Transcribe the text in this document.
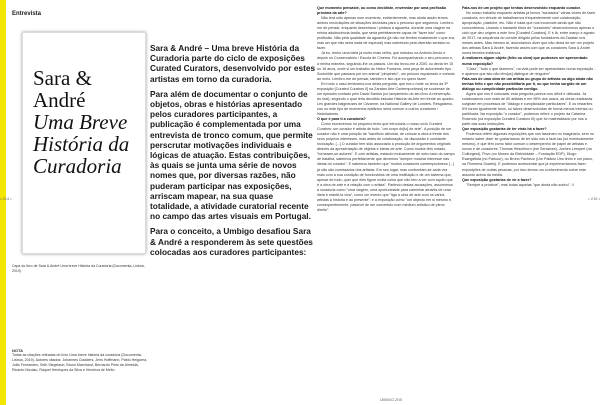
Entrevista
• 214 •	• 215 •
Sara &
André
Uma Breve
História da
Curadoria
Capa do livro de Sara & André Uma breve História da Curadoria (Documenta, Lisboa, 2019)
NOTA
Todas as citações retiradas do livro Uma breve história da curadoria (Documenta, Lisboa, 2019). Autores citados: Johannes Cladders, Jens Hoffmann, Pablo Helguera, João Fernandes, Seth Siegelaub, Bruno Marchand, Bernardo Pinto de Almeida, Ricardo Nicolau, Raquel Henriques da Silva e Verónica de Mello.

Sara & André – Uma breve História da Curadoria parte do ciclo de exposições Curated Curators, desenvolvido por estes artistas em torno da curadoria.

Para além de documentar o conjunto de objetos, obras e histórias apresentado pelos curadores participantes, a publicação é complementada por uma entrevista de tronco comum, que permite perscrutar motivações individuais e lógicas de atuação. Estas contribuições, às quais se junta uma série de novos nomes que, por diversas razões, não puderam participar nas exposições, arriscam mapear, na sua quase totalidade, a atividade curatorial recente no campo das artes visuais em Portugal.

Para o conceito, a Umbigo desafiou Sara & André a responderem às sete questões colocadas aos curadores participantes:

Que momento pensaste, ou como decidiste, enveredar por uma profissão próxima da arte?

Não terá sido apenas num momento, evidentemente, mas ainda assim temos ambos recordações de situações decisivas para o percurso que seguimos. Lembro-me de pensar, enquanto desenhava / pintava a aguarela, durante uma viagem na minha adolescência tardia, que seria perfeitamente capaz de "fazer isto" como profissão. Não pela qualidade da aguarela (já não me lembro exatamente o que era, mas sei que não seria nada de especial) mas sobretudo pela diversão sentida no fazer.

Já eu, tenho uma ideia já muito mais velha, que estudou na António Arroio e depois no Conservatório / Escola de Cinema. Fui acompanhando o seu percurso e, a minha maneira, seguindo-lhe os passos. Um dia levou-me à ZDB, ou devia ter 15 ou 16 anos, onde vi um trabalho do Heitor Fonseca, uma peça de autorretrato tipo Scotchlite que passava por um animal "pimpinelo", um pelouro espalmado e cortado ao meio. Lembro-me de pensar, também é isto que eu quero fazer!

Em todo o caso lembramo-nos desta pergunta, que era o mote ou tema da 3ª exposição [Curated Curators II] na Zaratan Arte Contemporânea] se soubesse de um episódio contado pelo David Santos (no lançamento do seu livro A reinvenção do real), segundo o qual teria decidido estudar História da Arte em frente ao quadro Les grandes baigneuses de Cézanne, na National Gallery de Londres. Resgatámo-nos no este tipo de momentos epifânico seria comum a outros curadores / historiadores.

O que é para ti a curadoria?

Como escrevemos no pequeno texto que introduzia o nosso ciclo Curated Curators: um curador é artista de tudo: "um corpo do[to] de arte". A posição de um curador não é uma posição de "sacrifício altruísta, de colocar a obra à frente dos seus próprios interesses, mas antes de colaboração, de discussão e constante invocação. [...] O curador tem sido associado à produção de argumentos originais através da apresentação de objetos e ideias de arte. Como muitos têm notado, "tornaram-se autores". E com artistas, estando mutuamente de outro lado do campo de batalha, sabemos perfeitamente que devemos "sempre mostrar interesse nas ideias do curador". E sabemos também que "muitos curadores contemporâneos [...] já não são comissários dos artistas. Em seu lugar, mas confrontam-se cada vez mais com a sua condição de funcionários de uma instituição e de um sistema que, apesar de tudo, quer que eles figure muita coisa que não tem a ver com aquilo que é a obra de arte e a relação com o artista". Partindo destas acusações, assumimos a curadoria como "uma viagem, uma oportunidade para caminhar através de uma ideia e mantê-la viva", como um evento que "liga a obra de arte com os vários artistas à história e ao presente"; e a exposição como "um objecto em si mesmo e, consequentemente, passível de ser convertido num médium artístico de pleno direito".

Fala-nos de um projeto que tenhas desenvolvido enquanto curador.

No nosso trabalho enquanto artistas já fomos "acusados" várias vezes de fazer curadoria, em virtude de trabalharmos frequentemente com colaboração, apropriação, pastiche, etc. Não é nada que nos incomode ainda que não concordemos. Usando o bastante título de "curadores" desenvolvemos apenas o ciclo que deu origem a este livro [Curated Curators]. E é lá, entre março e agosto de 2017, na sequência do convite dirigido pelos fundadores da Zaratan uns meses antes. Mas mesmo aí, anunciamos dizer que não deixa de ser um projeto dos artistas Sara & André, fazendo assim com que os curadores Sara & André numa terceira instância.

A realizares algum objeto (feito ou obra) que pudesses ser apresentado numa exposição?

"Claro", "tudo o que fazemos", na vida pode ser apresentado numa exposição - e aparece que isto não têm[os] distingue de ninguém"

Fala-nos de uma obra de um artista ou grupo de artistas ou algo ainda não tenhas feito e que não possibilitaria por ti, ou que tenha surgido de um diálogo ou cumplicidade particular contigo.

Agora que nos é colocada, esta pergunta parece-nos difícil e delicada. Já colaboramos com mais de 60 artistas e em 95% dos casos, as obras realizadas surgiram em processos de "diálogo e cumplicidade particulares". E os restantes 5% foram igualmente bons, só talvez desenvolvidas de forma menos intensa ou partilhada. Na exposição "o curador", podemos referir o projeto da Catarina Rosendo (na exposição Curated Curators III) que foi materializado por nós a partir das suas instruções.

Que exposição gostarias de ter visto há a fazer?

Podemos referir algumas exposições que nos fascinam no imaginário, sem no entanto saber dizer se gostaríamos de ter sido nós a fazê-las (só eventualmente mesmo), e que têm como fator comum o desempenho de papel de artistas e novos e de curadores: Thomas Hirschhorn (em Serralves), Jochen Lempert (na Culturgest), Povo (no Museu da Eletricidade – Fundação EDP), Diogo Evangelista (no Parkour), ou Bruno Pacheco (Um Palácio Uno linho e um piano, na Filomena Soares). E podemos acrescentar que já experimentamos fazer exposições de outras pessoas, por isso temos um conhecimento sobre este assunto acima da média.

Que exposição gostarias de vir a fazer?

"Sempre a próxima", mas todas aquelas "que ainda não sonho". //

UMBIGO ZNS
